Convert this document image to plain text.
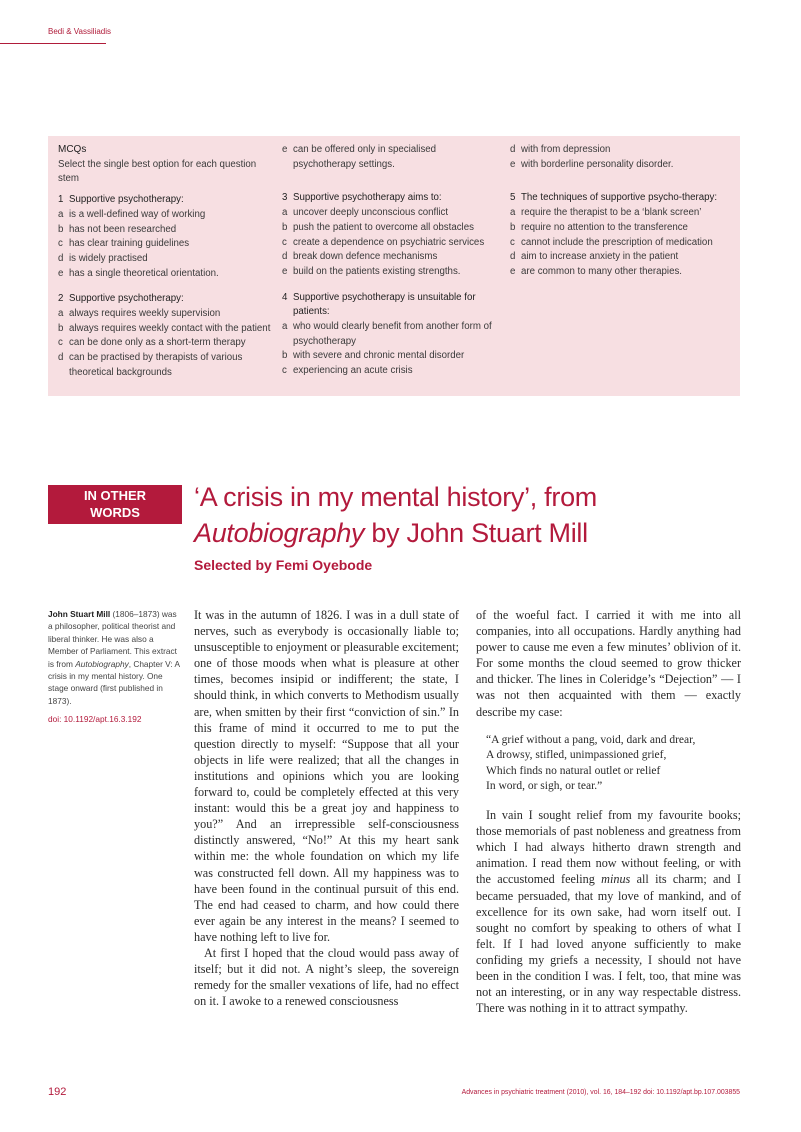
Bedi & Vassiliadis
MCQs
Select the single best option for each question stem
1 Supportive psychotherapy:
a is a well-defined way of working
b has not been researched
c has clear training guidelines
d is widely practised
e has a single theoretical orientation.
2 Supportive psychotherapy:
a always requires weekly supervision
b always requires weekly contact with the patient
c can be done only as a short-term therapy
d can be practised by therapists of various theoretical backgrounds
e can be offered only in specialised psychotherapy settings.
3 Supportive psychotherapy aims to:
a uncover deeply unconscious conflict
b push the patient to overcome all obstacles
c create a dependence on psychiatric services
d break down defence mechanisms
e build on the patients existing strengths.
4 Supportive psychotherapy is unsuitable for patients:
a who would clearly benefit from another form of psychotherapy
b with severe and chronic mental disorder
c experiencing an acute crisis
d with from depression
e with borderline personality disorder.
5 The techniques of supportive psycho-therapy:
a require the therapist to be a ‘blank screen’
b require no attention to the transference
c cannot include the prescription of medication
d aim to increase anxiety in the patient
e are common to many other therapies.
IN OTHER
WORDS
‘A crisis in my mental history’, from
Autobiography by John Stuart Mill
Selected by Femi Oyebode
John Stuart Mill (1806–1873) was a philosopher, political theorist and liberal thinker. He was also a Member of Parliament. This extract is from Autobiography, Chapter V: A crisis in my mental history. One stage onward (first published in 1873).
doi: 10.1192/apt.16.3.192

It was in the autumn of 1826. I was in a dull state of nerves, such as everybody is occasionally liable to; unsusceptible to enjoyment or pleasurable excitement; one of those moods when what is pleasure at other times, becomes insipid or indifferent; the state, I should think, in which converts to Methodism usually are, when smitten by their first “conviction of sin.” In this frame of mind it occurred to me to put the question directly to myself: “Suppose that all your objects in life were realized; that all the changes in institutions and opinions which you are looking forward to, could be completely effected at this very instant: would this be a great joy and happiness to you?” And an irrepressible self-consciousness distinctly answered, “No!” At this my heart sank within me: the whole foundation on which my life was constructed fell down. All my happiness was to have been found in the continual pursuit of this end. The end had ceased to charm, and how could there ever again be any interest in the means? I seemed to have nothing left to live for.

At first I hoped that the cloud would pass away of itself; but it did not. A night’s sleep, the sovereign remedy for the smaller vexations of life, had no effect on it. I awoke to a renewed consciousness

of the woeful fact. I carried it with me into all companies, into all occupations. Hardly anything had power to cause me even a few minutes’ oblivion of it. For some months the cloud seemed to grow thicker and thicker. The lines in Coleridge’s “Dejection” — I was not then acquainted with them — exactly describe my case:

“A grief without a pang, void, dark and drear,
A drowsy, stifled, unimpassioned grief,
Which finds no natural outlet or relief
In word, or sigh, or tear.”

In vain I sought relief from my favourite books; those memorials of past nobleness and greatness from which I had always hitherto drawn strength and animation. I read them now without feeling, or with the accustomed feeling minus all its charm; and I became persuaded, that my love of mankind, and of excellence for its own sake, had worn itself out. I sought no comfort by speaking to others of what I felt. If I had loved anyone sufficiently to make confiding my griefs a necessity, I should not have been in the condition I was. I felt, too, that mine was not an interesting, or in any way respectable distress. There was nothing in it to attract sympathy.

192	Advances in psychiatric treatment (2010), vol. 16, 184–192 doi: 10.1192/apt.bp.107.003855
